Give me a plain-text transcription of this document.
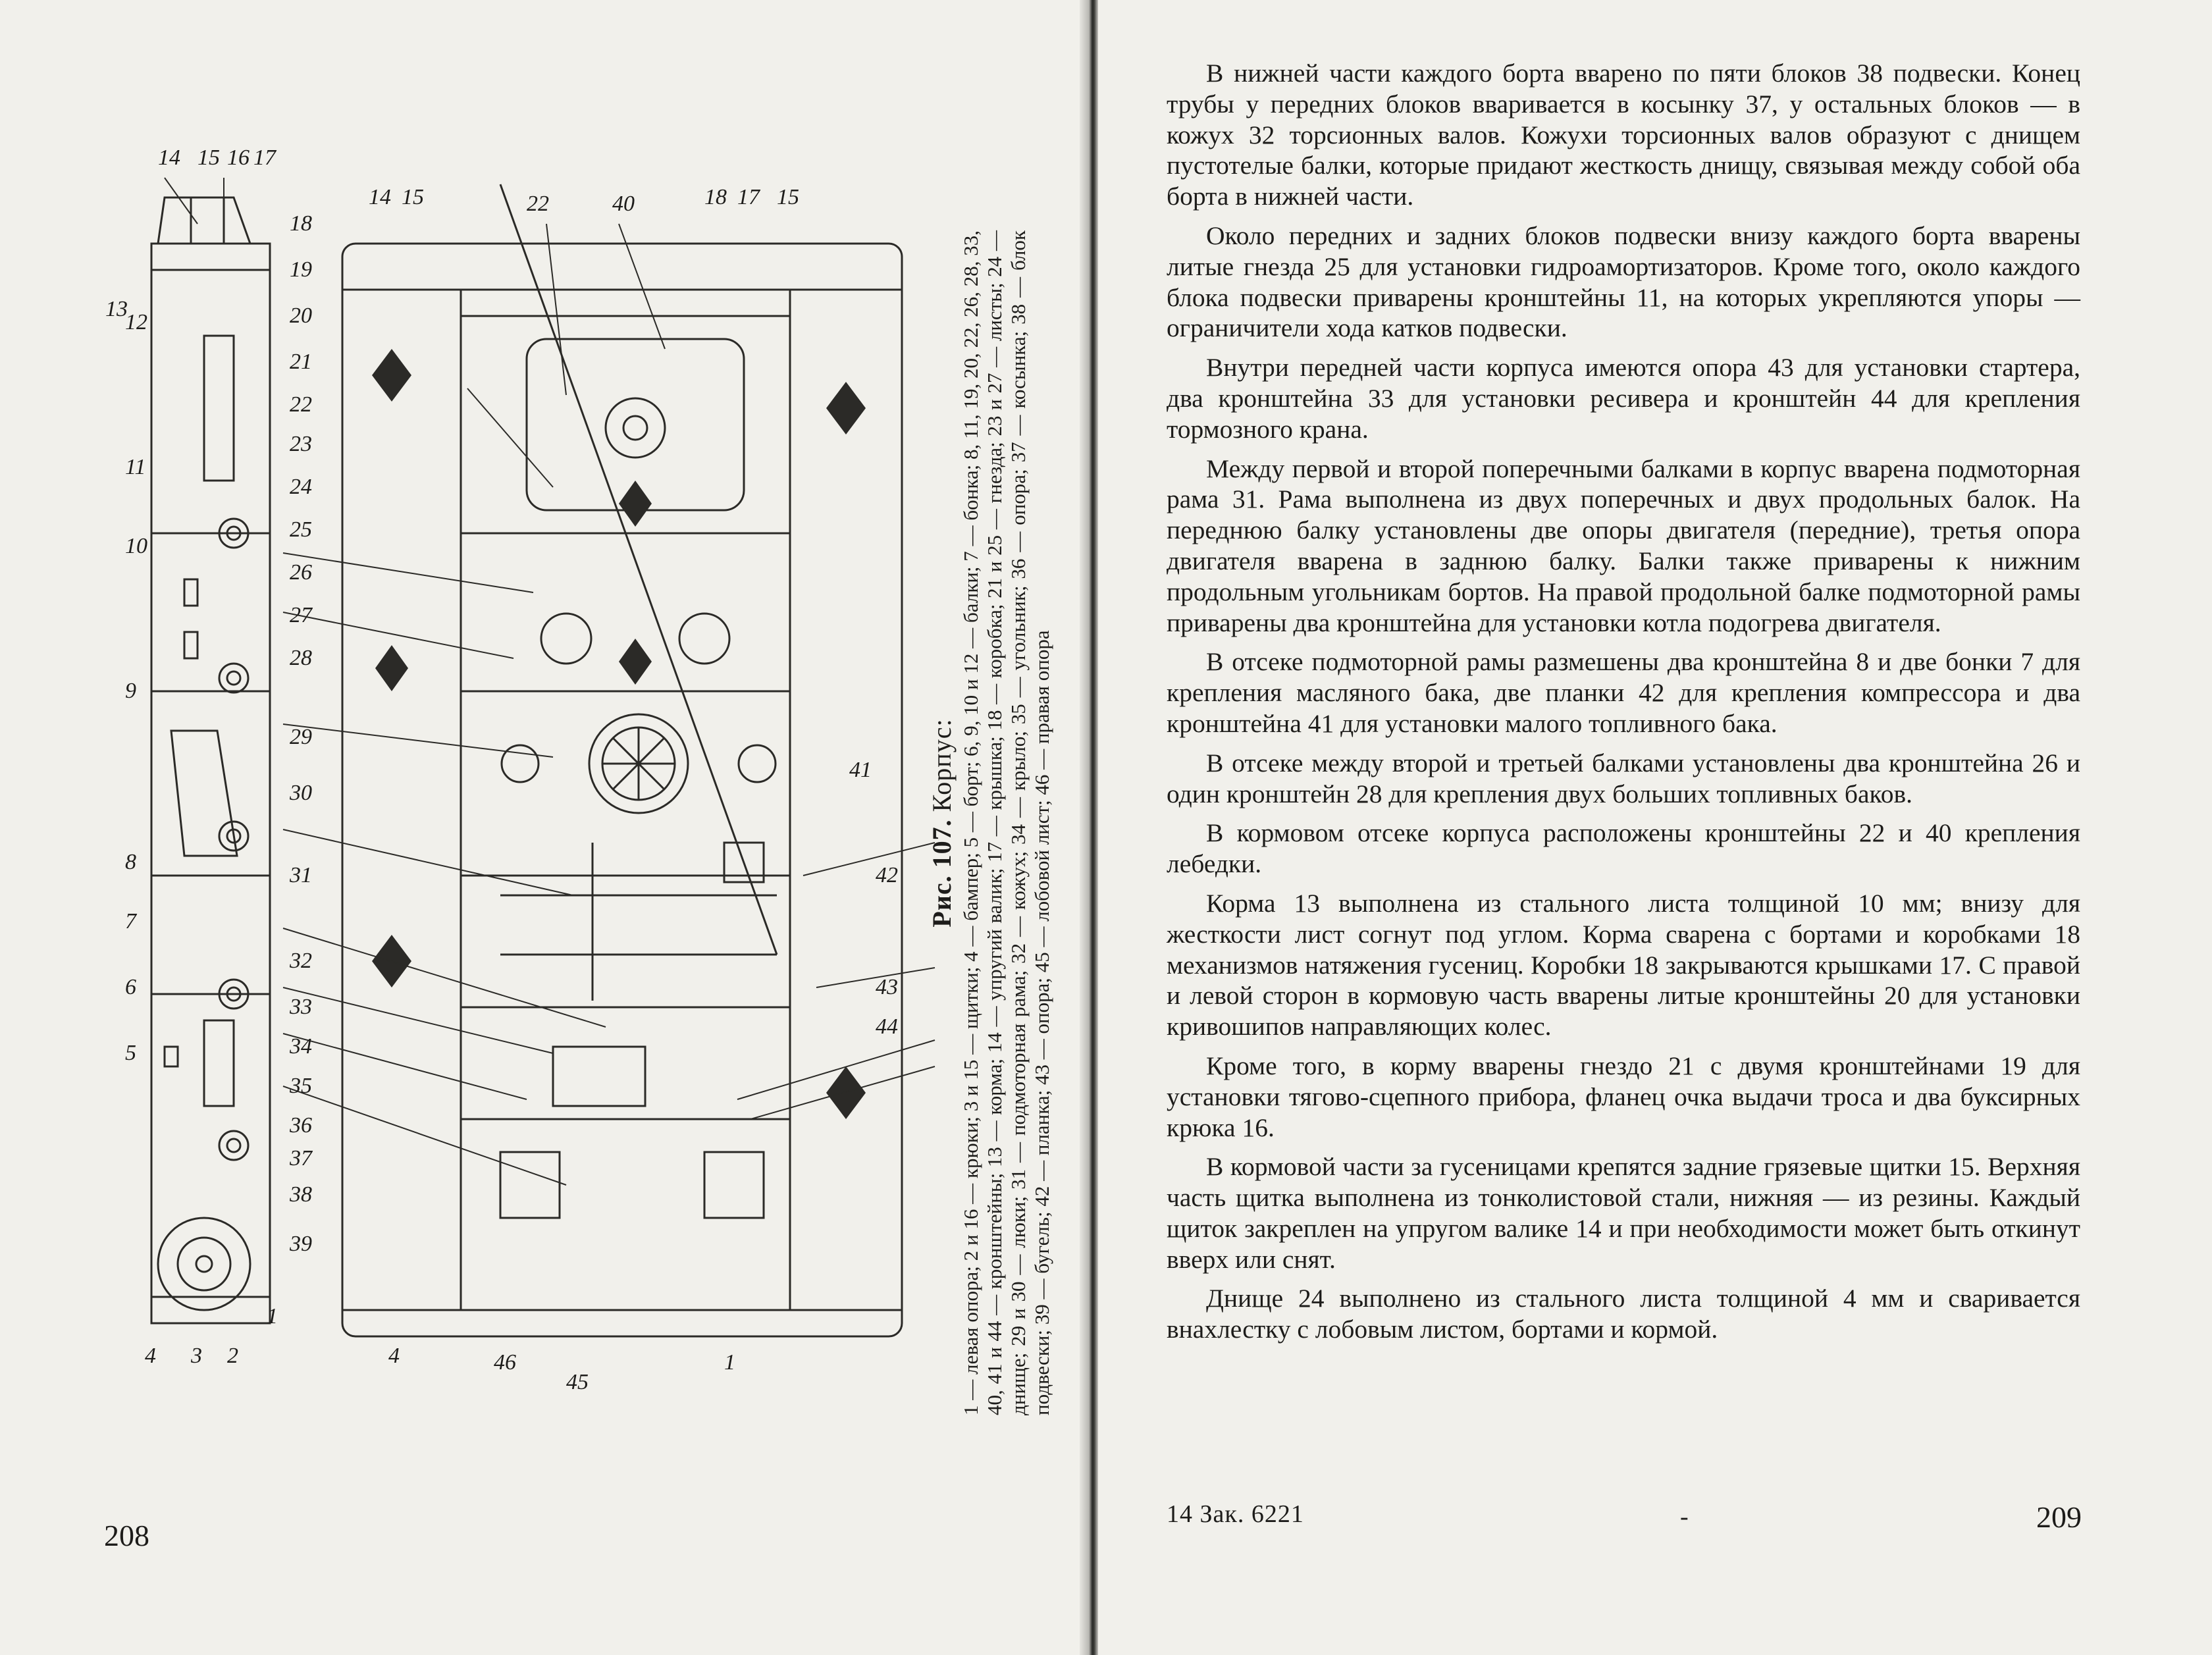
18
19
20
21
22
23
24
25
26
27
28
29
30
31
32
33
34
35
36
37
38
39
14 15 16 17
13
12
11
10
9
8
7
6
5
4 3 2
1
14 15	22	40	18 17 15
41
42
43
44
46
45
4	1
Рис. 107. Корпус: 1 — левая опора; 2 и 16 — крюки; 3 и 15 — щитки; 4 — бампер; 5 — борт; 6, 9, 10 и 12 — балки; 7 — бонка; 8, 11, 19, 20, 22, 26, 28, 33, 40, 41 и 44 — кронштейны; 13 — корма; 14 — упругий валик; 17 — крышка; 18 — коробка; 21 и 25 — гнезда; 23 и 27 — листы; 24 — днище; 29 и 30 — люки; 31 — подмоторная рама; 32 — кожух; 34 — крыло; 35 — угольник; 36 — опора; 37 — косынка; 38 — блок подвески; 39 — бугель; 42 — планка; 43 — опора; 45 — лобовой лист; 46 — правая опора
208

В нижней части каждого борта вварено по пяти блоков 38 подвески. Конец трубы у передних блоков вваривается в косынку 37, у остальных блоков — в кожух 32 торсионных валов. Кожухи торсионных валов образуют с днищем пустотелые балки, которые придают жесткость днищу, связывая между собой оба борта в нижней части.

Около передних и задних блоков подвески внизу каждого борта вварены литые гнезда 25 для установки гидроамортизаторов. Кроме того, около каждого блока подвески приварены кронштейны 11, на которых укрепляются упоры — ограничители хода катков подвески.

Внутри передней части корпуса имеются опора 43 для установки стартера, два кронштейна 33 для установки ресивера и кронштейн 44 для крепления тормозного крана.

Между первой и второй поперечными балками в корпус вварена подмоторная рама 31. Рама выполнена из двух поперечных и двух продольных балок. На переднюю балку установлены две опоры двигателя (передние), третья опора двигателя вварена в заднюю балку. Балки также приварены к нижним продольным угольникам бортов. На правой продольной балке подмоторной рамы приварены два кронштейна для установки котла подогрева двигателя.

В отсеке подмоторной рамы размешены два кронштейна 8 и две бонки 7 для крепления масляного бака, две планки 42 для крепления компрессора и два кронштейна 41 для установки малого топливного бака.

В отсеке между второй и третьей балками установлены два кронштейна 26 и один кронштейн 28 для крепления двух больших топливных баков.

В кормовом отсеке корпуса расположены кронштейны 22 и 40 крепления лебедки.

Корма 13 выполнена из стального листа толщиной 10 мм; внизу для жесткости лист согнут под углом. Корма сварена с бортами и коробками 18 механизмов натяжения гусениц. Коробки 18 закрываются крышками 17. С правой и левой сторон в кормовую часть вварены литые кронштейны 20 для установки кривошипов направляющих колес.

Кроме того, в корму вварены гнездо 21 с двумя кронштейнами 19 для установки тягово-сцепного прибора, фланец очка выдачи троса и два буксирных крюка 16.

В кормовой части за гусеницами крепятся задние грязевые щитки 15. Верхняя часть щитка выполнена из тонколистовой стали, нижняя — из резины. Каждый щиток закреплен на упругом валике 14 и при необходимости может быть откинут вверх или снят.

Днище 24 выполнено из стального листа толщиной 4 мм и сваривается внахлестку с лобовым листом, бортами и кормой.

14 Зак. 6221	-	209
